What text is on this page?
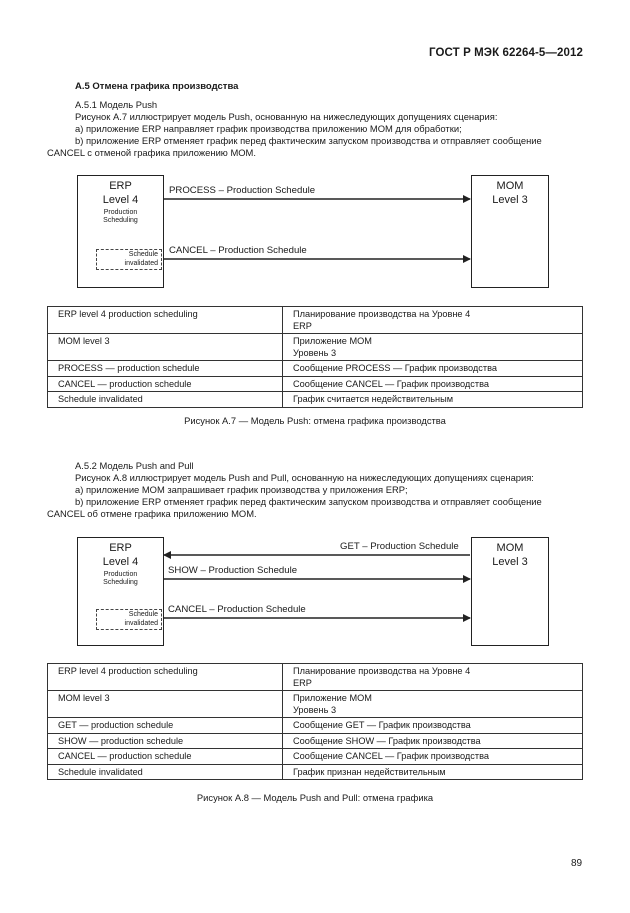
ГОСТ Р МЭК 62264-5—2012
А.5 Отмена графика производства

А.5.1 Модель Push

Рисунок А.7 иллюстрирует модель Push, основанную на нижеследующих допущениях сценария:

а) приложение ERP направляет график производства приложению MOM для обработки;

b) приложение ERP отменяет график перед фактическим запуском производства и отправляет сообщение

CANCEL с отменой графика приложению MOM.

ERP
Level 4
Production
Scheduling
Schedule
invalidated
MOM
Level 3
PROCESS – Production Schedule
CANCEL – Production Schedule
ERP level 4 production scheduling	Планирование производства на Уровне 4
ERP

MOM level 3	Приложение MOM
Уровень 3

PROCESS — production schedule	Сообщение PROCESS — График производства
CANCEL — production schedule	Сообщение CANCEL — График производства
Schedule invalidated	График считается недействительным
Рисунок А.7 — Модель Push: отмена графика производства

А.5.2 Модель Push and Pull

Рисунок А.8 иллюстрирует модель Push and Pull, основанную на нижеследующих допущениях сценария:

а) приложение MOM запрашивает график производства у приложения ERP;

b) приложение ERP отменяет график перед фактическим запуском производства и отправляет сообщение

CANCEL об отмене графика приложению MOM.

ERP
Level 4
Production
Scheduling
Schedule
invalidated
MOM
Level 3
GET – Production Schedule
SHOW – Production Schedule
CANCEL – Production Schedule
ERP level 4 production scheduling	Планирование производства на Уровне 4
ERP

MOM level 3	Приложение MOM
Уровень 3

GET — production schedule	Сообщение GET — График производства
SHOW — production schedule	Сообщение SHOW — График производства
CANCEL — production schedule	Сообщение CANCEL — График производства
Schedule invalidated	График признан недействительным
Рисунок А.8 — Модель Push and Pull: отмена графика
89
